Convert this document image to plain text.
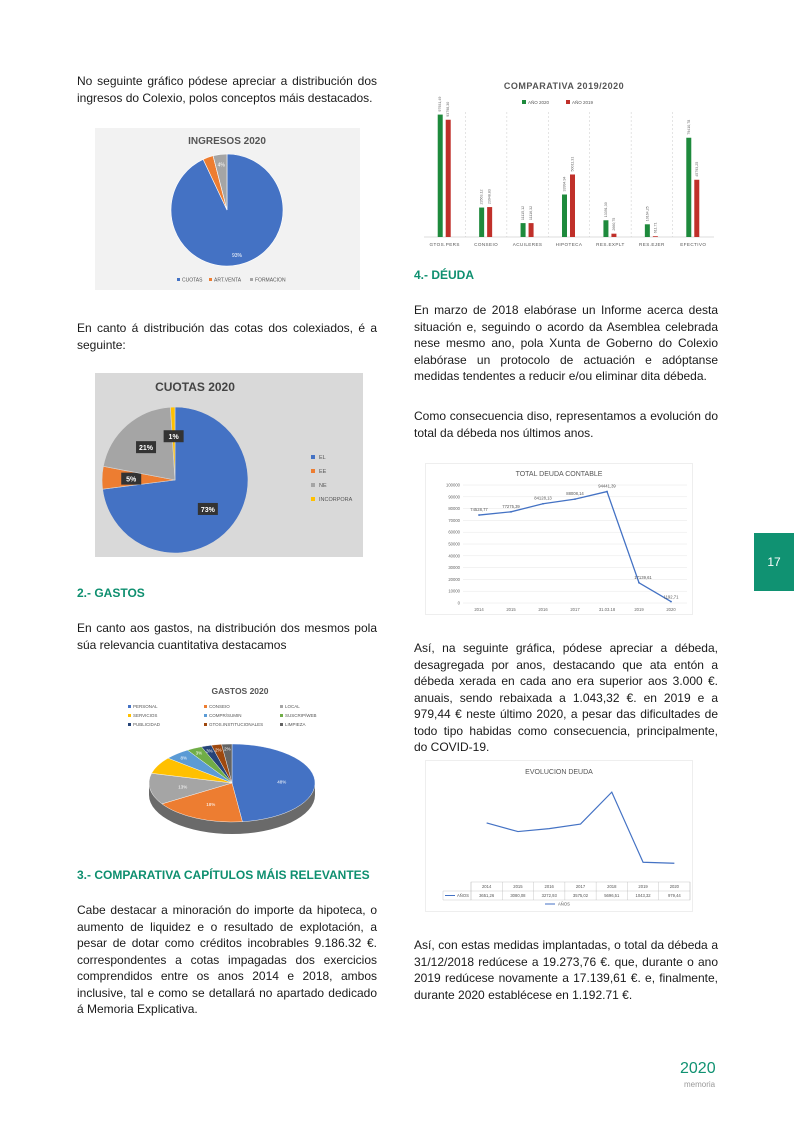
No seguinte gráfico pódese apreciar a distribución dos ingresos do Colexio, polos conceptos máis destacados.

INGRESOS 2020
93%
4%
CUOTAS ART.VENTA	FORMACION

En canto á distribución das cotas dos colexiados, é a seguinte:

CUOTAS 2020
73%
5%
21%
1%
EL
EE
NE
INCORPORA

2.- GASTOS

En canto aos gastos, na distribución dos mesmos pola súa relevancia cuantitativa destacamos

GASTOS 2020
PERSONAL	CONSEIO	LOCAL
SERVICIOS	COMPR/SUMIN	SUSCRIP/WEB
PUBLICIDAD	GTOS.INSTITUCIONALES	LIMPIEZA
48%
18%
13%
8%
3% 3% 2% 2%

3.- COMPARATIVA CAPÍTULOS MÁIS RELEVANTES

Cabe destacar a minoración do importe da hipoteca, o aumento de liquidez e o resultado de explotación, a pesar de dotar como créditos incobrables 9.186.32 €. correspondentes a cotas impagadas dos exercicios comprendidos entre os anos 2014 e 2018, ambos inclusive, tal e como se detallará no apartado dedicado á Memoria Explicativa.

COMPARATIVA 2019/2020
AÑO 2020	AÑO 2019
97931,49 93798,30
GTOS.PERS
23563,12 23948,83
CONSEIO
11115,12 11116,32
ACUILERES
33994,94
50011,31
HIPOTECA
13391,30
2660,75
RES.EXPLT
10164,25
611,71
RES.EJER
79410,78
45793,25
EFECTIVO

4.- DÉUDA

En marzo de 2018 elabórase un Informe acerca desta situación e, seguindo o acordo da Asemblea celebrada nese mesmo ano, pola Xunta de Goberno do Colexio elabórase un protocolo de actuación e adóptanse medidas tendentes a reducir e/ou eliminar dita débeda.

Como consecuencia diso, representamos a evolución do total da débeda nos últimos anos.

TOTAL DEUDA CONTABLE
0
10000
20000
30000
40000
50000
60000
70000
80000
90000
100000
74528,77
2014
77275,39
2015
84128,13
2016
88008,14
2017
94441,39
31.03.18
17139,61
2019
1192,71
2020

Así, na seguinte gráfica, pódese apreciar a débeda, desagregada por anos, destacando que ata entón a débeda xerada en cada ano era superior aos 3.000 €. anuais, sendo rebaixada a 1.043,32 €. en 2019 e a 979,44 € neste último 2020, a pesar das dificultades de todo tipo habidas como consecuencia, principalmente, do COVID-19.

EVOLUCION DEUDA
2014
3651,26
2015
3080,08
2016
3272,93
2017
3575,02
2018
5696,51
2019
1043,32
2020
979,44
AÑOS
AÑOS

Así, con estas medidas implantadas, o total da débeda a 31/12/2018 redúcese a 19.273,76 €. que, durante o ano 2019 redúcese novamente a 17.139,61 €. e, finalmente, durante 2020 establécese en 1.192.71 €.

17
2020
memoria
